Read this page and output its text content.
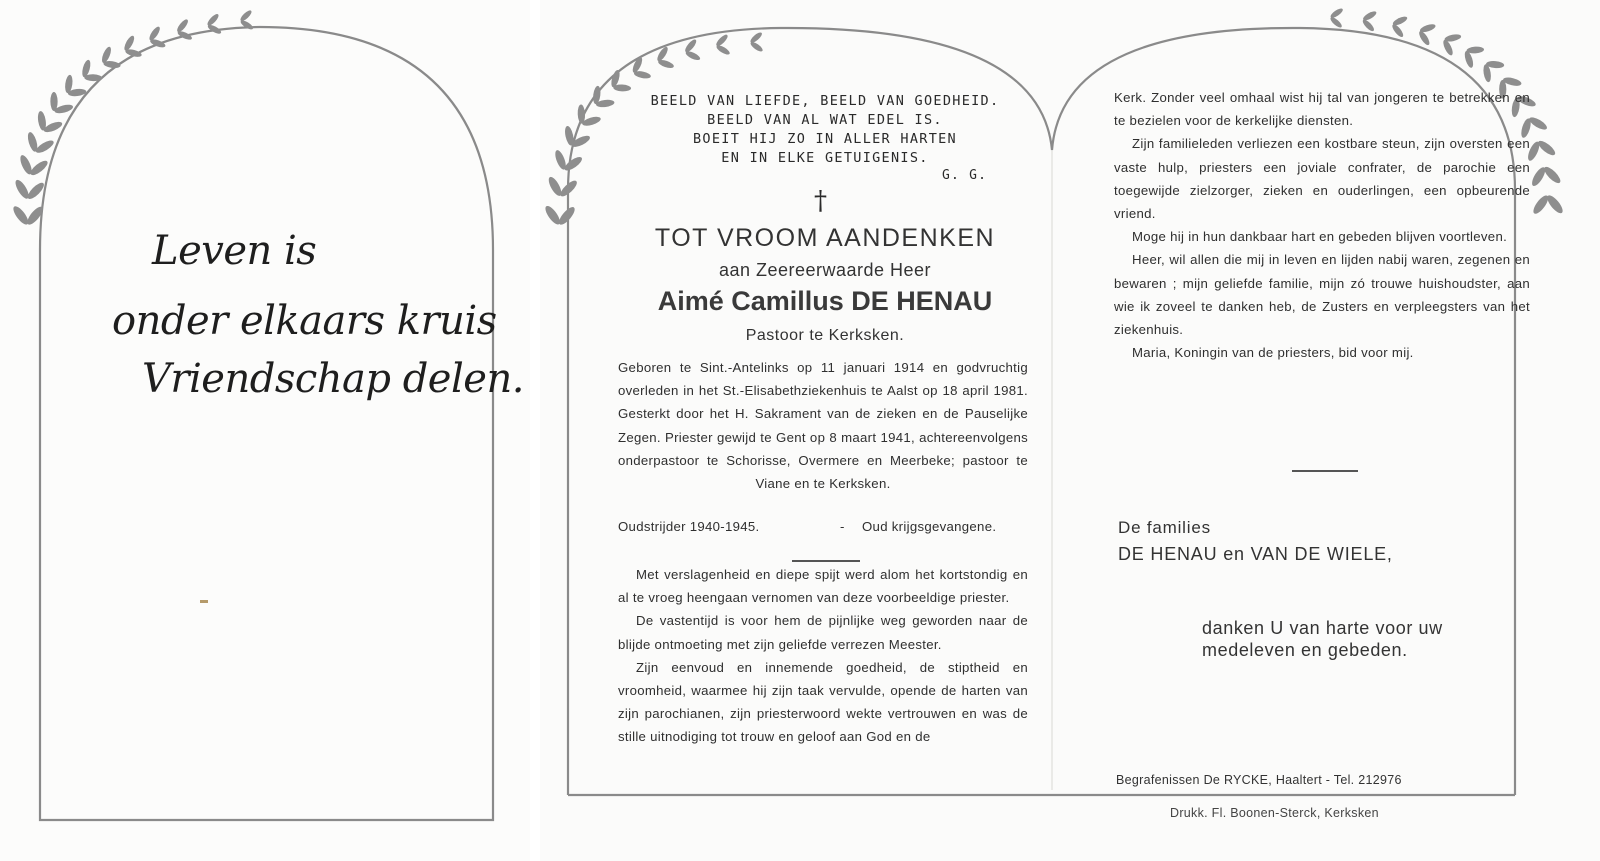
Leven is
onder elkaars kruis
Vriendschap delen.
BEELD VAN LIEFDE, BEELD VAN GOEDHEID.
BEELD VAN AL WAT EDEL IS.
BOEIT HIJ ZO IN ALLER HARTEN
EN IN ELKE GETUIGENIS.
G. G.
†
TOT VROOM AANDENKEN
aan Zeereerwaarde Heer
Aimé Camillus DE HENAU
Pastoor te Kerksken.

Geboren te Sint.-Antelinks op 11 januari 1914 en godvruchtig overleden in het St.-Elisabethziekenhuis te Aalst op 18 april 1981. Gesterkt door het H. Sakrament van de zieken en de Pauselijke Zegen. Priester gewijd te Gent op 8 maart 1941, achtereenvolgens onderpastoor te Schorisse, Overmere en Meerbeke; pastoor te Viane en te Kerksken.

Oudstrijder 1940-1945.	- Oud krijgsgevangene.

Met verslagenheid en diepe spijt werd alom het kortstondig en al te vroeg heengaan vernomen van deze voorbeeldige priester.

De vastentijd is voor hem de pijnlijke weg geworden naar de blijde ontmoeting met zijn geliefde verrezen Meester.

Zijn eenvoud en innemende goedheid, de stiptheid en vroomheid, waarmee hij zijn taak vervulde, opende de harten van zijn parochianen, zijn priesterwoord wekte vertrouwen en was de stille uitnodiging tot trouw en geloof aan God en de

Kerk. Zonder veel omhaal wist hij tal van jongeren te betrekken en te bezielen voor de kerkelijke diensten.

Zijn familieleden verliezen een kostbare steun, zijn oversten een vaste hulp, priesters een joviale confrater, de parochie een toegewijde zielzorger, zieken en ouderlingen, een opbeurende vriend.

Moge hij in hun dankbaar hart en gebeden blijven voortleven.

Heer, wil allen die mij in leven en lijden nabij waren, zegenen en bewaren ; mijn geliefde familie, mijn zó trouwe huishoudster, aan wie ik zoveel te danken heb, de Zusters en verpleegsters van het ziekenhuis.

Maria, Koningin van de priesters, bid voor mij.

De families
DE HENAU en VAN DE WIELE,
danken U van harte voor uw
medeleven en gebeden.
Begrafenissen De RYCKE, Haaltert - Tel. 212976
Drukk. Fl. Boonen-Sterck, Kerksken
